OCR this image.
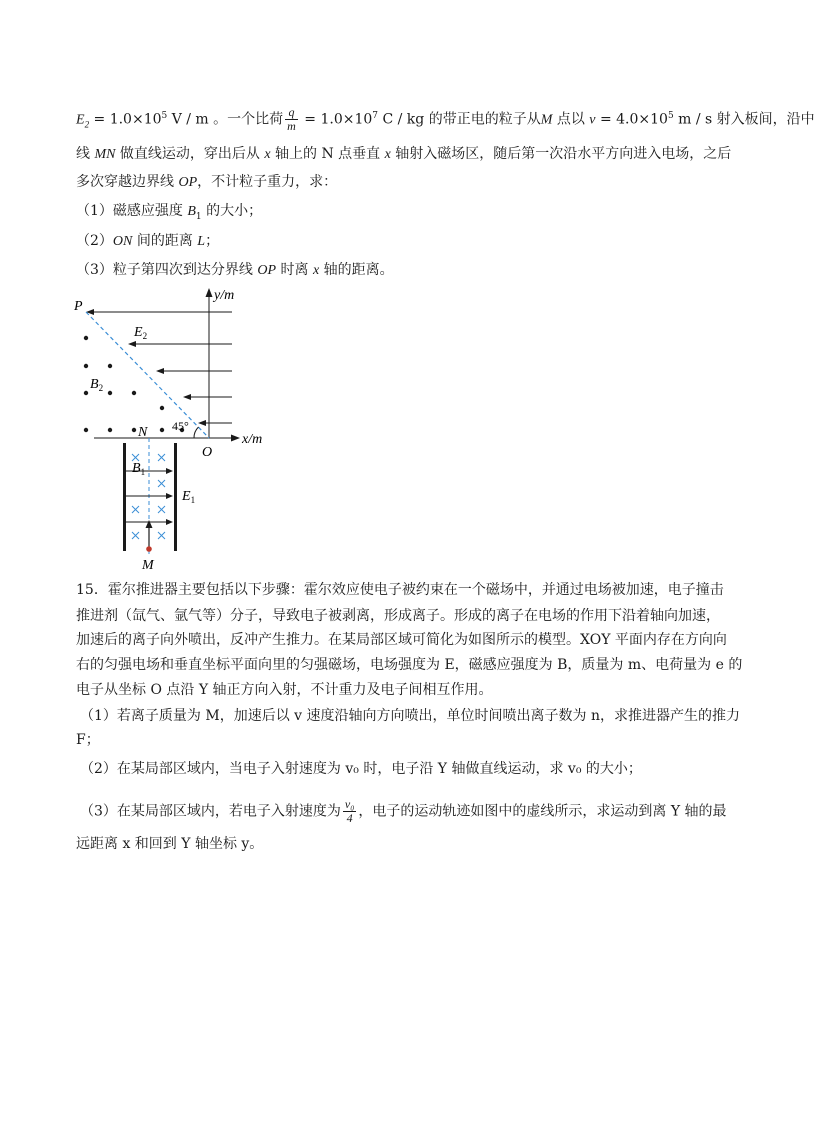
$E_2 = 1.0\times 10^5$ V / m 。一个比荷 $\frac{q}{m} = 1.0\times 10^7$ C / kg 的带正电的粒子从M 点以 $v = 4.0\times 10^5$ m / s 射入板间，沿中
线 MN 做直线运动，穿出后从 x 轴上的 N 点垂直 x 轴射入磁场区，随后第一次沿水平方向进入电场，之后
多次穿越边界线 OP，不计粒子重力，求：
（1）磁感应强度 $B_1$ 的大小；
（2）ON 间的距离 L；
（3）粒子第四次到达分界线 OP 时离 x 轴的距离。
P
$E_2$
$B_2$
N 45°
O
y/m
x/m
$B_1$
$E_1$
M
15．霍尔推进器主要包括以下步骤：霍尔效应使电子被约束在一个磁场中，并通过电场被加速，电子撞击
推进剂（氙气、氩气等）分子，导致电子被剥离，形成离子。形成的离子在电场的作用下沿着轴向加速，
加速后的离子向外喷出，反冲产生推力。在某局部区域可简化为如图所示的模型。XOY 平面内存在方向向
右的匀强电场和垂直坐标平面向里的匀强磁场，电场强度为 E，磁感应强度为 B，质量为 m、电荷量为 e 的
电子从坐标 O 点沿 Y 轴正方向入射，不计重力及电子间相互作用。
（1）若离子质量为 M，加速后以 v 速度沿轴向方向喷出，单位时间喷出离子数为 n，求推进器产生的推力
F；
（2）在某局部区域内，当电子入射速度为 v₀ 时，电子沿 Y 轴做直线运动，求 v₀ 的大小；
（3）在某局部区域内，若电子入射速度为 $\frac{\text{v₀}}{4}$ ，电子的运动轨迹如图中的虚线所示，求运动到离 Y 轴的最
远距离 x 和回到 Y 轴坐标 y。
